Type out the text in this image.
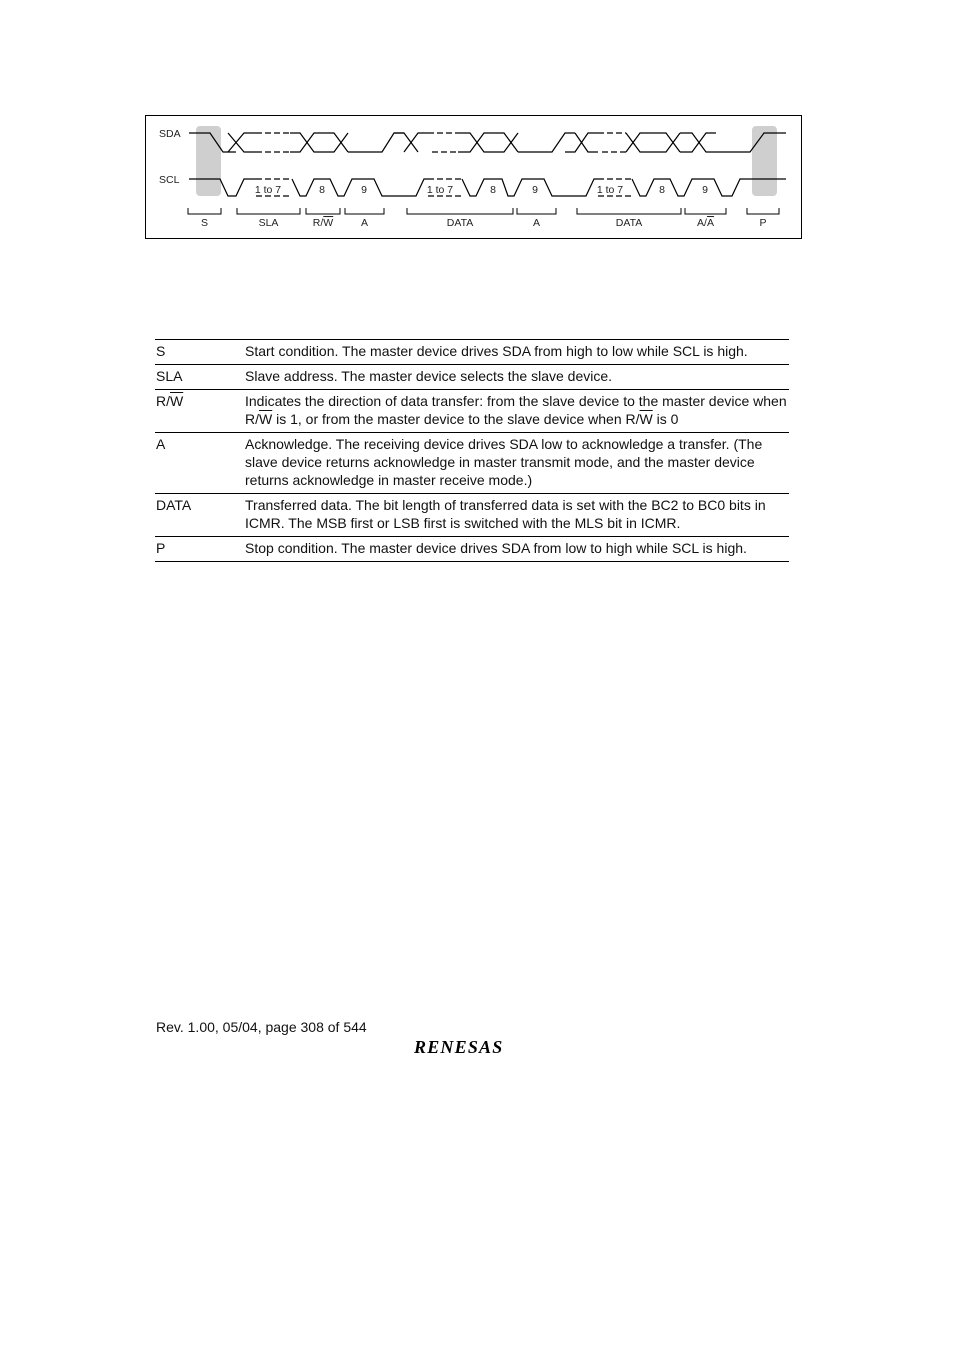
SDA
SCL
1 to 7	8	9	1 to 7	8	9	1 to 7	8	9
S	SLA	R/W	A	DATA	A	DATA	A/A	P
S	Start condition. The master device drives SDA from high to low while SCL is high.
SLA	Slave address. The master device selects the slave device.
$R/\overline{W}$	Indicates the direction of data transfer: from the slave device to the master device when $R/\overline{W}$ is 1, or from the master device to the slave device when $R/\overline{W}$ is 0
A	Acknowledge. The receiving device drives SDA low to acknowledge a transfer. (The slave device returns acknowledge in master transmit mode, and the master device returns acknowledge in master receive mode.)
DATA	Transferred data. The bit length of transferred data is set with the BC2 to BC0 bits in ICMR. The MSB first or LSB first is switched with the MLS bit in ICMR.
P	Stop condition. The master device drives SDA from low to high while SCL is high.
Rev. 1.00, 05/04, page 308 of 544
RENESAS
